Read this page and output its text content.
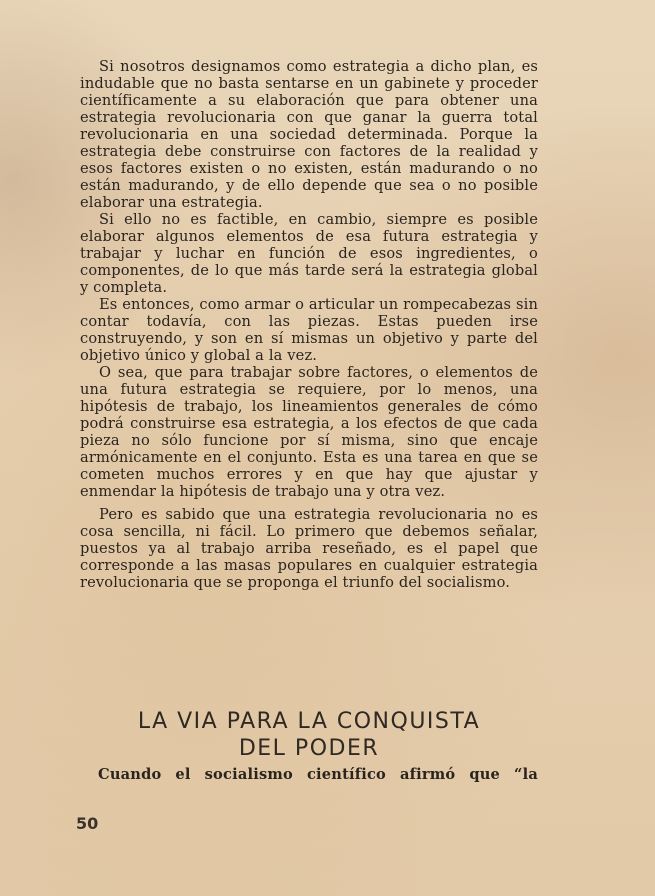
Si nosotros designamos como estrategia a dicho plan, es indudable que no basta sentarse en un gabinete y proceder científicamente a su elaboración que para obtener una estrategia revolucionaria con que ganar la guerra total revolucionaria en una sociedad determinada. Porque la estrategia debe construirse con factores de la realidad y esos factores existen o no existen, están madurando o no están madurando, y de ello depende que sea o no posible elaborar una estrategia.

Si ello no es factible, en cambio, siempre es posible elaborar algunos elementos de esa futura estrategia y trabajar y luchar en función de esos ingredientes, o componentes, de lo que más tarde será la estrategia global y completa.

Es entonces, como armar o articular un rompecabezas sin contar todavía, con las piezas. Estas pueden irse construyendo, y son en sí mismas un objetivo y parte del objetivo único y global a la vez.

O sea, que para trabajar sobre factores, o elementos de una futura estrategia se requiere, por lo menos, una hipótesis de trabajo, los lineamientos generales de cómo podrá construirse esa estrategia, a los efectos de que cada pieza no sólo funcione por sí misma, sino que encaje armónicamente en el conjunto. Esta es una tarea en que se cometen muchos errores y en que hay que ajustar y enmendar la hipótesis de trabajo una y otra vez.

Pero es sabido que una estrategia revolucionaria no es cosa sencilla, ni fácil. Lo primero que debemos señalar, puestos ya al trabajo arriba reseñado, es el papel que corresponde a las masas populares en cualquier estrategia revolucionaria que se proponga el triunfo del socialismo.

LA VIA PARA LA CONQUISTA
DEL PODER
Cuando el socialismo científico afirmó que “la
50
